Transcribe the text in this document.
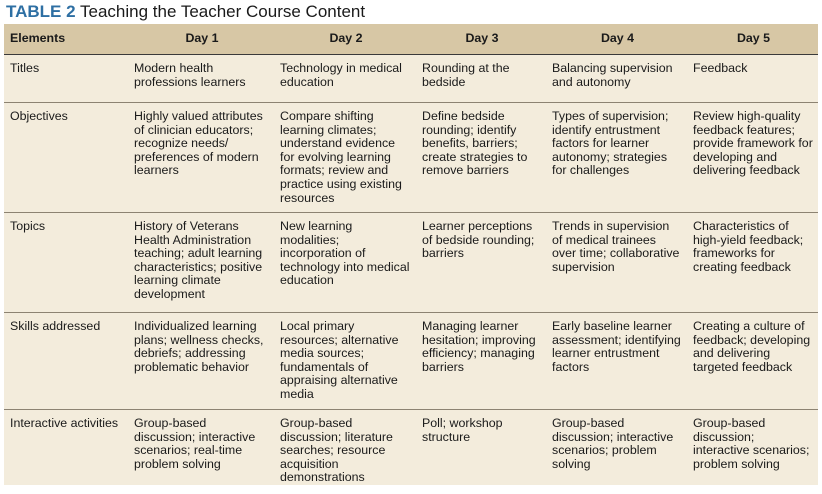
TABLE 2 Teaching the Teacher Course Content
Elements	Day 1	Day 2	Day 3	Day 4	Day 5
Titles	Modern health professions learners	Technology in medical education	Rounding at the bedside	Balancing supervision and autonomy	Feedback
Objectives	Highly valued attributes of clinician educators; recognize needs/ preferences of modern learners	Compare shifting learning climates; understand evidence for evolving learning formats; review and practice using existing resources	Define bedside rounding; identify benefits, barriers; create strategies to remove barriers	Types of supervision; identify entrustment factors for learner autonomy; strategies for challenges	Review high-quality feedback features; provide framework for developing and delivering feedback
Topics	History of Veterans Health Administration teaching; adult learning characteristics; positive learning climate development	New learning modalities; incorporation of technology into medical education	Learner perceptions of bedside rounding; barriers	Trends in supervision of medical trainees over time; collaborative supervision	Characteristics of high-yield feedback; frameworks for creating feedback
Skills addressed	Individualized learning plans; wellness checks, debriefs; addressing problematic behavior	Local primary resources; alternative media sources; fundamentals of appraising alternative media	Managing learner hesitation; improving efficiency; managing barriers	Early baseline learner assessment; identifying learner entrustment factors	Creating a culture of feedback; developing and delivering targeted feedback
Interactive activities	Group-based discussion; interactive scenarios; real-time problem solving	Group-based discussion; literature searches; resource acquisition demonstrations	Poll; workshop structure	Group-based discussion; interactive scenarios; problem solving	Group-based discussion; interactive scenarios; problem solving
